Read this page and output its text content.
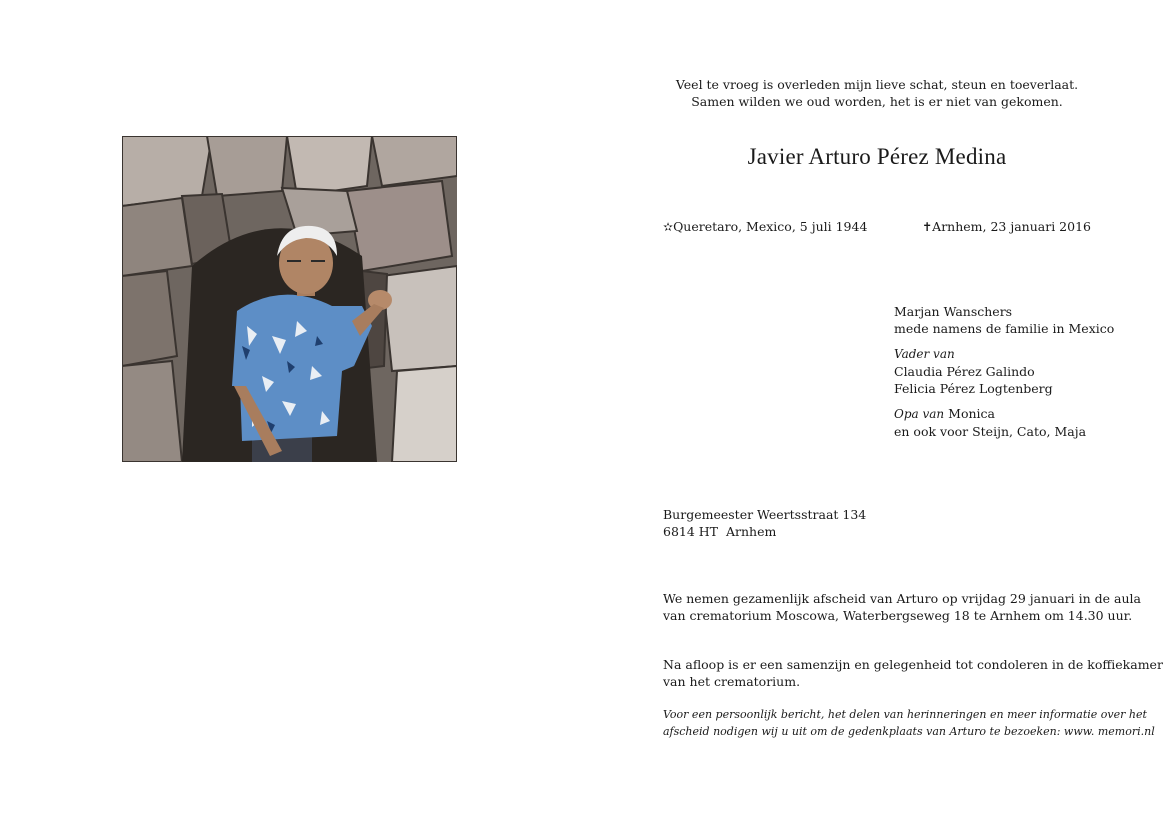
Veel te vroeg is overleden mijn lieve schat, steun en toeverlaat.
Samen wilden we oud worden, het is er niet van gekomen.
Javier Arturo Pérez Medina
✫Queretaro, Mexico, 5 juli 1944	✝Arnhem, 23 januari 2016
Marjan Wanschers
mede namens de familie in Mexico
Vader van
Claudia Pérez Galindo
Felicia Pérez Logtenberg
Opa van Monica
en ook voor Steijn, Cato, Maja
Burgemeester Weertsstraat 134
6814 HT  Arnhem
We nemen gezamenlijk afscheid van Arturo op vrijdag 29 januari in de aula
van crematorium Moscowa, Waterbergseweg 18 te Arnhem om 14.30 uur.
Na afloop is er een samenzijn en gelegenheid tot condoleren in de koffiekamer
van het crematorium.
Voor een persoonlijk bericht, het delen van herinneringen en meer informatie over het
afscheid nodigen wij u uit om de gedenkplaats van Arturo te bezoeken: www. memori.nl
